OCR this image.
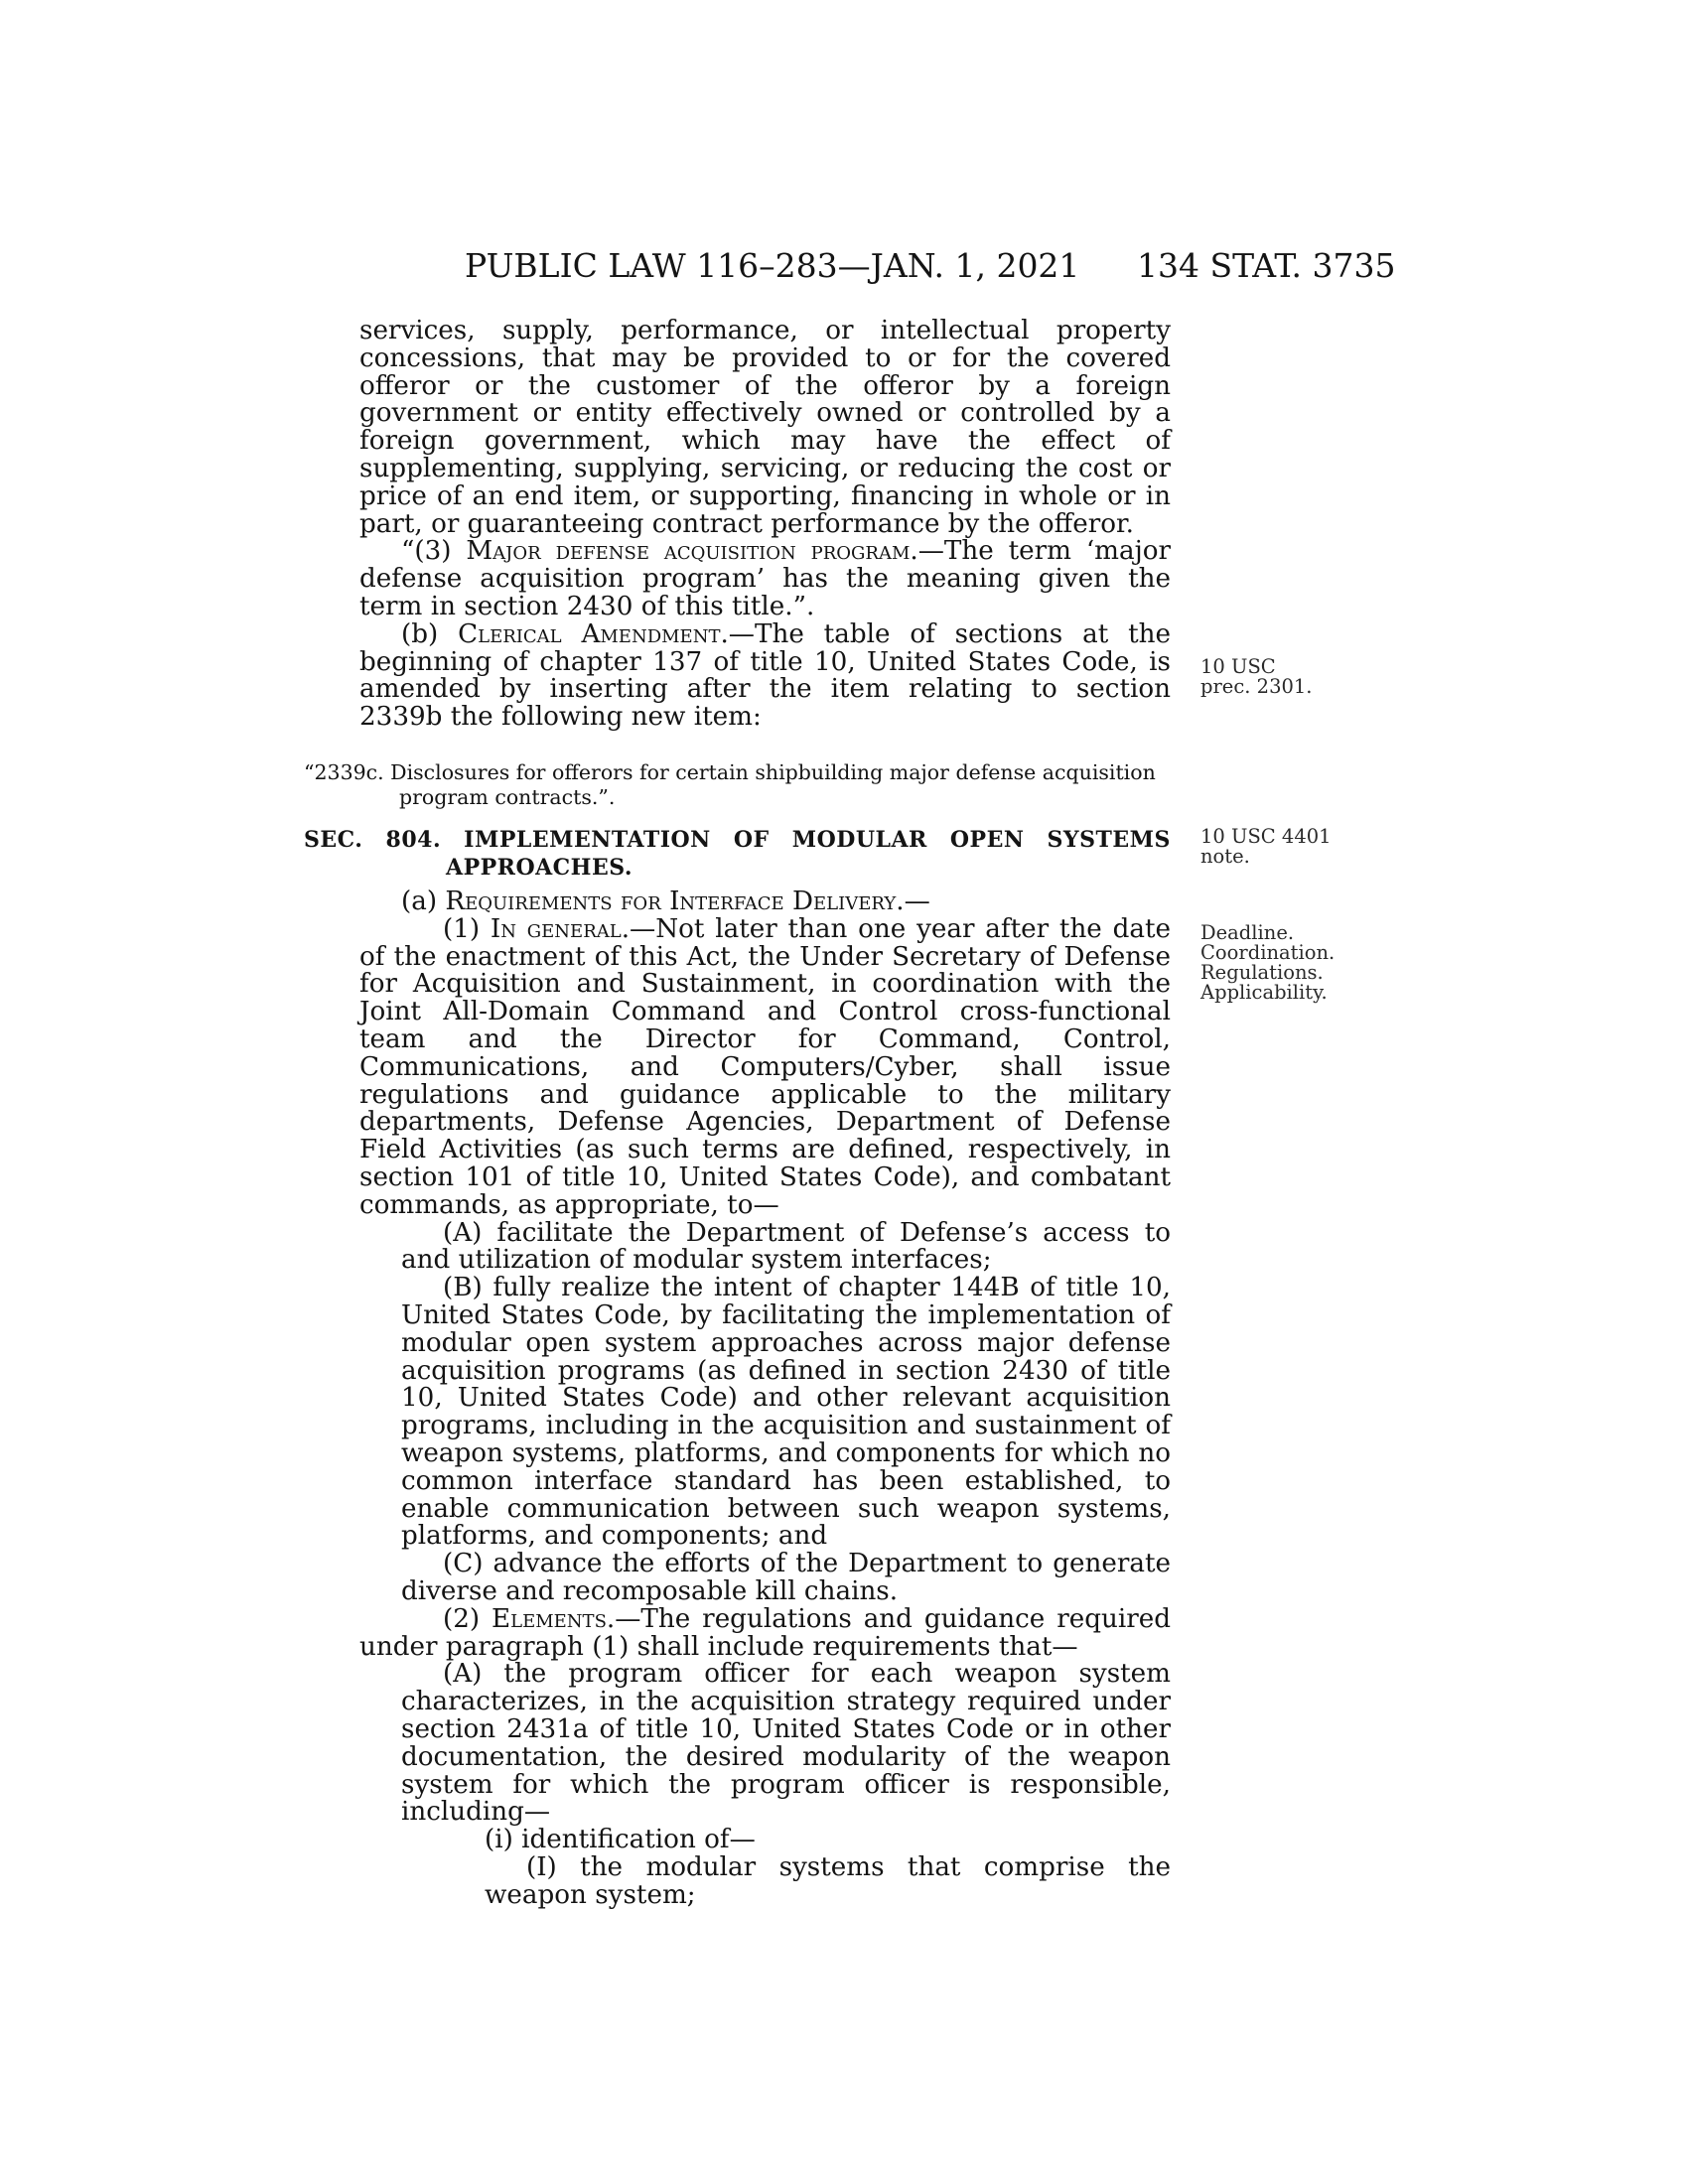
PUBLIC LAW 116–283—JAN. 1, 2021 134 STAT. 3735

services, supply, performance, or intellectual property concessions, that may be provided to or for the covered offeror or the customer of the offeror by a foreign government or entity effectively owned or controlled by a foreign government, which may have the effect of supplementing, supplying, servicing, or reducing the cost or price of an end item, or supporting, financing in whole or in part, or guaranteeing contract performance by the offeror.

“(3) Major defense acquisition program.—The term ‘major defense acquisition program’ has the meaning given the term in section 2430 of this title.”.

(b) Clerical Amendment.—The table of sections at the beginning of chapter 137 of title 10, United States Code, is amended by inserting after the item relating to section 2339b the following new item:

“2339c. Disclosures for offerors for certain shipbuilding major defense acquisition program contracts.”.

SEC. 804. IMPLEMENTATION OF MODULAR OPEN SYSTEMS
APPROACHES.

(a) Requirements for Interface Delivery.—

(1) In general.—Not later than one year after the date of the enactment of this Act, the Under Secretary of Defense for Acquisition and Sustainment, in coordination with the Joint All-Domain Command and Control cross-functional team and the Director for Command, Control, Communications, and Computers/Cyber, shall issue regulations and guidance applicable to the military departments, Defense Agencies, Department of Defense Field Activities (as such terms are defined, respectively, in section 101 of title 10, United States Code), and combatant commands, as appropriate, to—

(A) facilitate the Department of Defense’s access to and utilization of modular system interfaces;

(B) fully realize the intent of chapter 144B of title 10, United States Code, by facilitating the implementation of modular open system approaches across major defense acquisition programs (as defined in section 2430 of title 10, United States Code) and other relevant acquisition programs, including in the acquisition and sustainment of weapon systems, platforms, and components for which no common interface standard has been established, to enable communication between such weapon systems, platforms, and components; and

(C) advance the efforts of the Department to generate diverse and recomposable kill chains.

(2) Elements.—The regulations and guidance required under paragraph (1) shall include requirements that—

(A) the program officer for each weapon system characterizes, in the acquisition strategy required under section 2431a of title 10, United States Code or in other documentation, the desired modularity of the weapon system for which the program officer is responsible, including—

(i) identification of—

(I) the modular systems that comprise the weapon system;

10 USC
prec. 2301.
10 USC 4401
note.
Deadline.
Coordination.
Regulations.
Applicability.
